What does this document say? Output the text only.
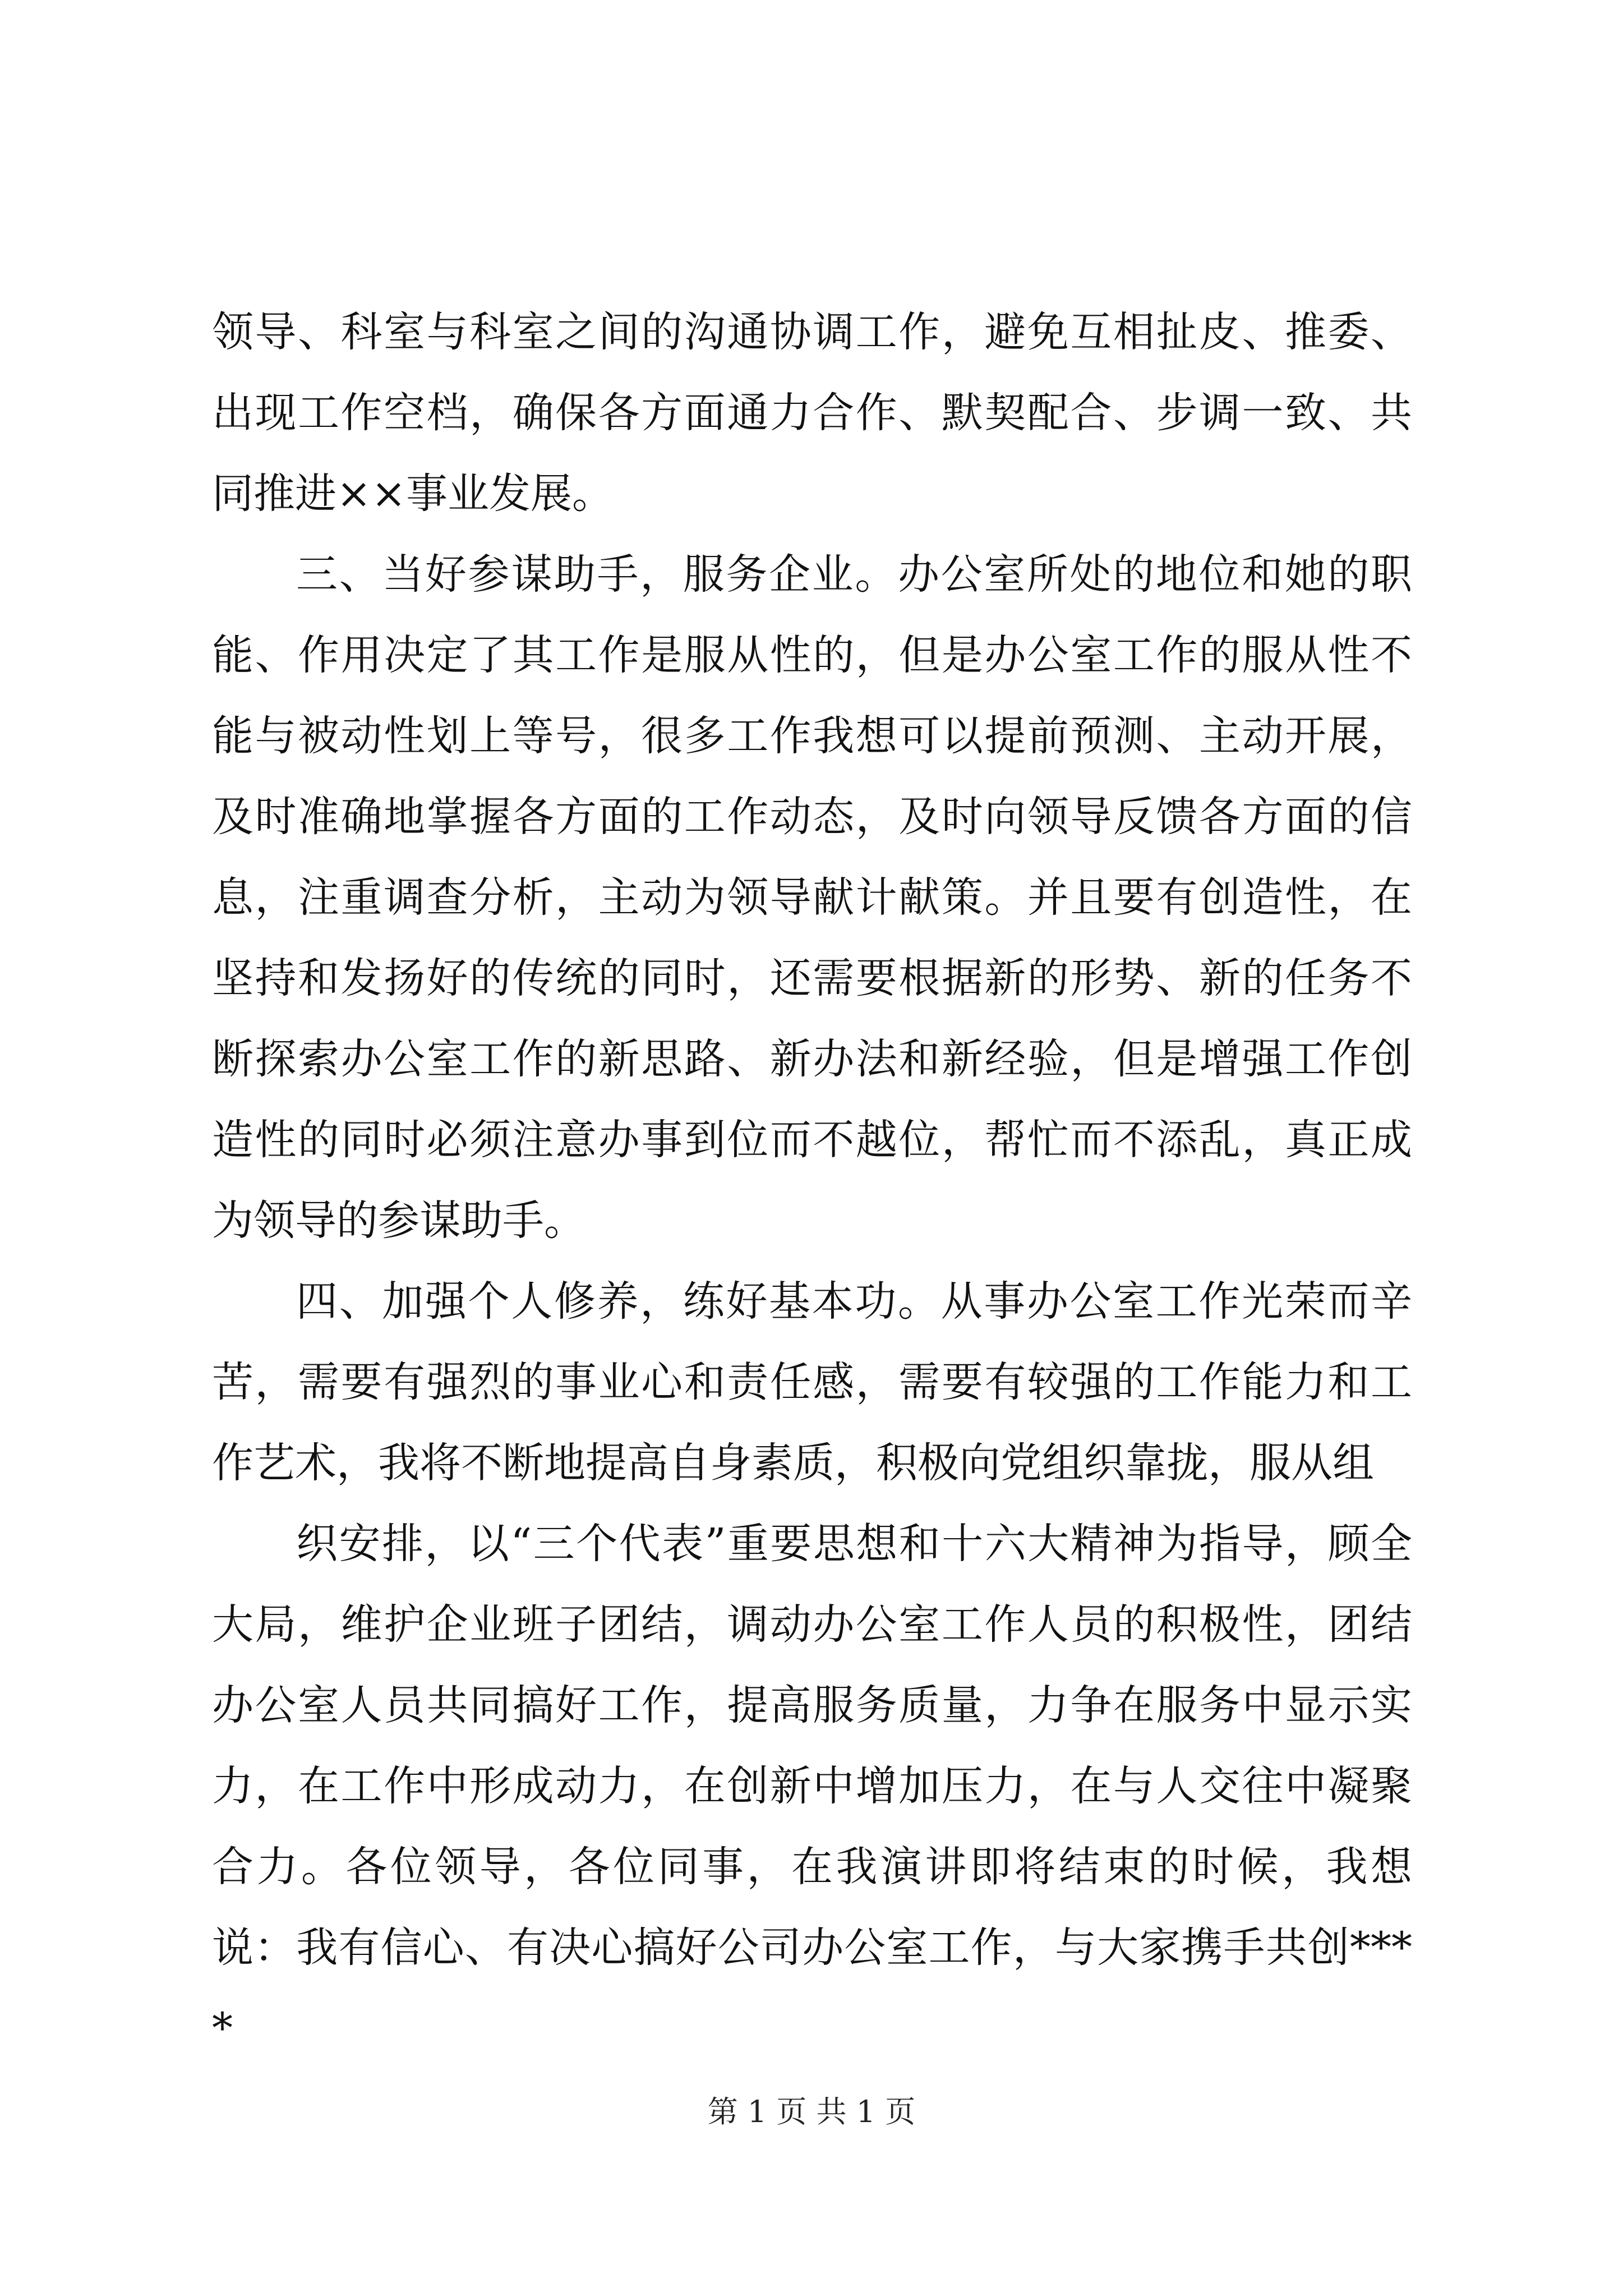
领导、科室与科室之间的沟通协调工作，避免互相扯皮、推委、出现工作空档，确保各方面通力合作、默契配合、步调一致、共同推进××事业发展。

三、当好参谋助手，服务企业。办公室所处的地位和她的职能、作用决定了其工作是服从性的，但是办公室工作的服从性不能与被动性划上等号，很多工作我想可以提前预测、主动开展，及时准确地掌握各方面的工作动态，及时向领导反馈各方面的信息，注重调查分析，主动为领导献计献策。并且要有创造性，在坚持和发扬好的传统的同时，还需要根据新的形势、新的任务不断探索办公室工作的新思路、新办法和新经验，但是增强工作创造性的同时必须注意办事到位而不越位，帮忙而不添乱，真正成为领导的参谋助手。

四、加强个人修养，练好基本功。从事办公室工作光荣而辛苦，需要有强烈的事业心和责任感，需要有较强的工作能力和工作艺术，我将不断地提高自身素质，积极向党组织靠拢，服从组

织安排，以“三个代表”重要思想和十六大精神为指导，顾全大局，维护企业班子团结，调动办公室工作人员的积极性，团结办公室人员共同搞好工作，提高服务质量，力争在服务中显示实力，在工作中形成动力，在创新中增加压力，在与人交往中凝聚合力。各位领导，各位同事，在我演讲即将结束的时候，我想说：我有信心、有决心搞好公司办公室工作，与大家携手共创****

第 1 页 共 1 页
